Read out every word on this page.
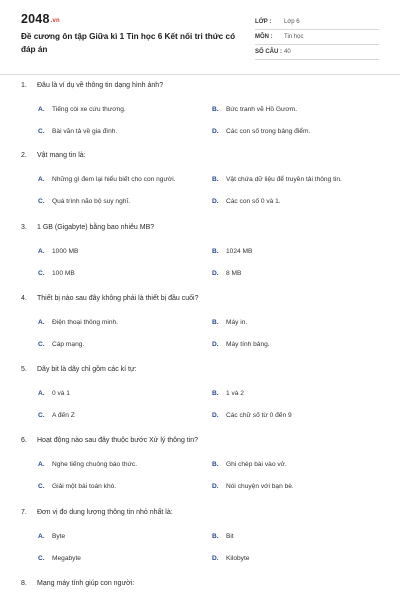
2048.vn
Đề cương ôn tập Giữa kì 1 Tin học 6 Kết nối tri thức có đáp án
LỚP : Lớp 6
MÔN : Tin học
SỐ CÂU : 40
1. Đâu là ví dụ về thông tin dạng hình ảnh?
A. Tiếng còi xe cứu thương.	B. Bức tranh vẽ Hồ Gươm.
C. Bài văn tả về gia đình.	D. Các con số trong bảng điểm.
2. Vật mang tin là:
A. Những gì đem lại hiểu biết cho con người.	B. Vật chứa dữ liệu để truyền tải thông tin.
C. Quá trình não bộ suy nghĩ.	D. Các con số 0 và 1.
3. 1 GB (Gigabyte) bằng bao nhiêu MB?
A. 1000 MB	B. 1024 MB
C. 100 MB	D. 8 MB
4. Thiết bị nào sau đây không phải là thiết bị đầu cuối?
A. Điện thoại thông minh.	B. Máy in.
C. Cáp mạng.	D. Máy tính bảng.
5. Dãy bit là dãy chỉ gồm các kí tự:
A. 0 và 1	B. 1 và 2
C. A đến Z	D. Các chữ số từ 0 đến 9
6. Hoạt động nào sau đây thuộc bước Xử lý thông tin?
A. Nghe tiếng chuông báo thức.	B. Ghi chép bài vào vở.
C. Giải một bài toán khó.	D. Nói chuyện với bạn bè.
7. Đơn vị đo dung lượng thông tin nhỏ nhất là:
A. Byte	B. Bit
C. Megabyte	D. Kilobyte
8. Mạng máy tính giúp con người:
